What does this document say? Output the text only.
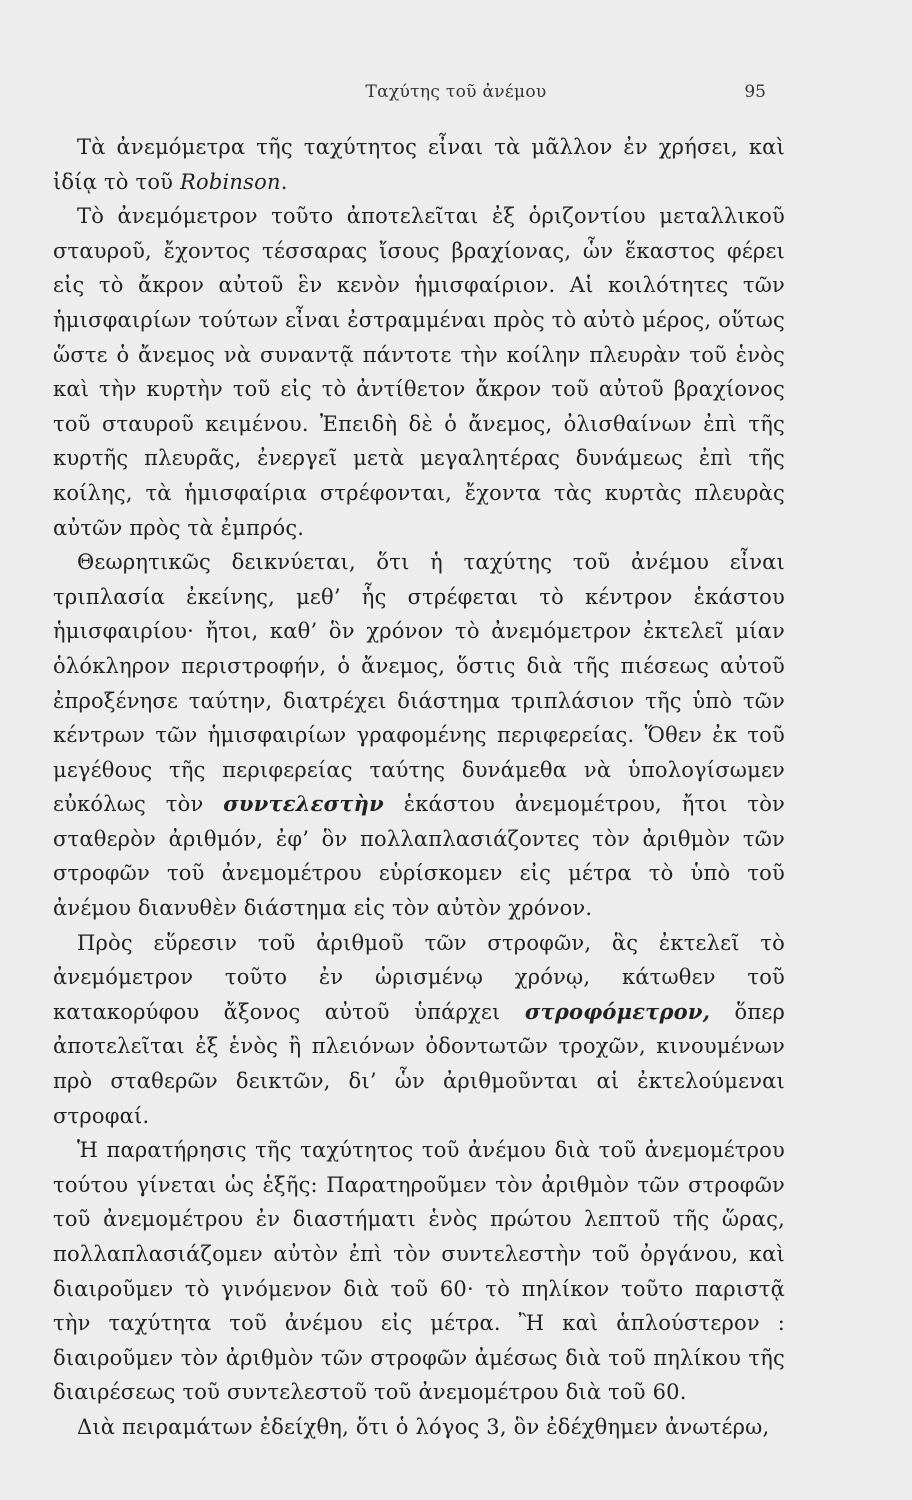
Ταχύτης τοῦ ἀνέμου	95

Τὰ ἀνεμόμετρα τῆς ταχύτητος εἶναι τὰ μᾶλλον ἐν χρήσει, καὶ ἰδίᾳ τὸ τοῦ Robinson.

Τὸ ἀνεμόμετρον τοῦτο ἀποτελεῖται ἐξ ὁριζοντίου μεταλλικοῦ σταυροῦ, ἔχοντος τέσσαρας ἴσους βραχίονας, ὧν ἕκαστος φέρει εἰς τὸ ἄκρον αὐτοῦ ἓν κενὸν ἡμισφαίριον. Αἱ κοιλότητες τῶν ἡμισφαιρίων τούτων εἶναι ἐστραμμέναι πρὸς τὸ αὐτὸ μέρος, οὕτως ὥστε ὁ ἄνεμος νὰ συναντᾷ πάντοτε τὴν κοίλην πλευρὰν τοῦ ἑνὸς καὶ τὴν κυρτὴν τοῦ εἰς τὸ ἀντίθετον ἄκρον τοῦ αὐτοῦ βραχίονος τοῦ σταυροῦ κειμένου. Ἐπειδὴ δὲ ὁ ἄνεμος, ὀλισθαίνων ἐπὶ τῆς κυρτῆς πλευρᾶς, ἐνεργεῖ μετὰ μεγαλητέρας δυνάμεως ἐπὶ τῆς κοίλης, τὰ ἡμισφαίρια στρέφονται, ἔχοντα τὰς κυρτὰς πλευρὰς αὐτῶν πρὸς τὰ ἐμπρός.

Θεωρητικῶς δεικνύεται, ὅτι ἡ ταχύτης τοῦ ἀνέμου εἶναι τριπλασία ἐκείνης, μεθ’ ἧς στρέφεται τὸ κέντρον ἑκάστου ἡμισφαιρίου· ἤτοι, καθ’ ὃν χρόνον τὸ ἀνεμόμετρον ἐκτελεῖ μίαν ὁλόκληρον περιστροφήν, ὁ ἄνεμος, ὅστις διὰ τῆς πιέσεως αὐτοῦ ἐπροξένησε ταύτην, διατρέχει διάστημα τριπλάσιον τῆς ὑπὸ τῶν κέντρων τῶν ἡμισφαιρίων γραφομένης περιφερείας. Ὅθεν ἐκ τοῦ μεγέθους τῆς περιφερείας ταύτης δυνάμεθα νὰ ὑπολογίσωμεν εὐκόλως τὸν συντελεστὴν ἑκάστου ἀνεμομέτρου, ἤτοι τὸν σταθερὸν ἀριθμόν, ἐφ’ ὃν πολλαπλασιάζοντες τὸν ἀριθμὸν τῶν στροφῶν τοῦ ἀνεμομέτρου εὑρίσκομεν εἰς μέτρα τὸ ὑπὸ τοῦ ἀνέμου διανυθὲν διάστημα εἰς τὸν αὐτὸν χρόνον.

Πρὸς εὕρεσιν τοῦ ἀριθμοῦ τῶν στροφῶν, ἃς ἐκτελεῖ τὸ ἀνεμόμετρον τοῦτο ἐν ὡρισμένῳ χρόνῳ, κάτωθεν τοῦ κατακορύφου ἄξονος αὐτοῦ ὑπάρχει στροφόμετρον, ὅπερ ἀποτελεῖται ἐξ ἑνὸς ἢ πλειόνων ὀδοντωτῶν τροχῶν, κινουμένων πρὸ σταθερῶν δεικτῶν, δι’ ὧν ἀριθμοῦνται αἱ ἐκτελούμεναι στροφαί.

Ἡ παρατήρησις τῆς ταχύτητος τοῦ ἀνέμου διὰ τοῦ ἀνεμομέτρου τούτου γίνεται ὡς ἑξῆς: Παρατηροῦμεν τὸν ἀριθμὸν τῶν στροφῶν τοῦ ἀνεμομέτρου ἐν διαστήματι ἑνὸς πρώτου λεπτοῦ τῆς ὥρας, πολλαπλασιάζομεν αὐτὸν ἐπὶ τὸν συντελεστὴν τοῦ ὀργάνου, καὶ διαιροῦμεν τὸ γινόμενον διὰ τοῦ 60· τὸ πηλίκον τοῦτο παριστᾷ τὴν ταχύτητα τοῦ ἀνέμου εἰς μέτρα. Ἢ καὶ ἁπλούστερον : διαιροῦμεν τὸν ἀριθμὸν τῶν στροφῶν ἀμέσως διὰ τοῦ πηλίκου τῆς διαιρέσεως τοῦ συντελεστοῦ τοῦ ἀνεμομέτρου διὰ τοῦ 60.

Διὰ πειραμάτων ἐδείχθη, ὅτι ὁ λόγος 3, ὃν ἐδέχθημεν ἀνωτέρω,
